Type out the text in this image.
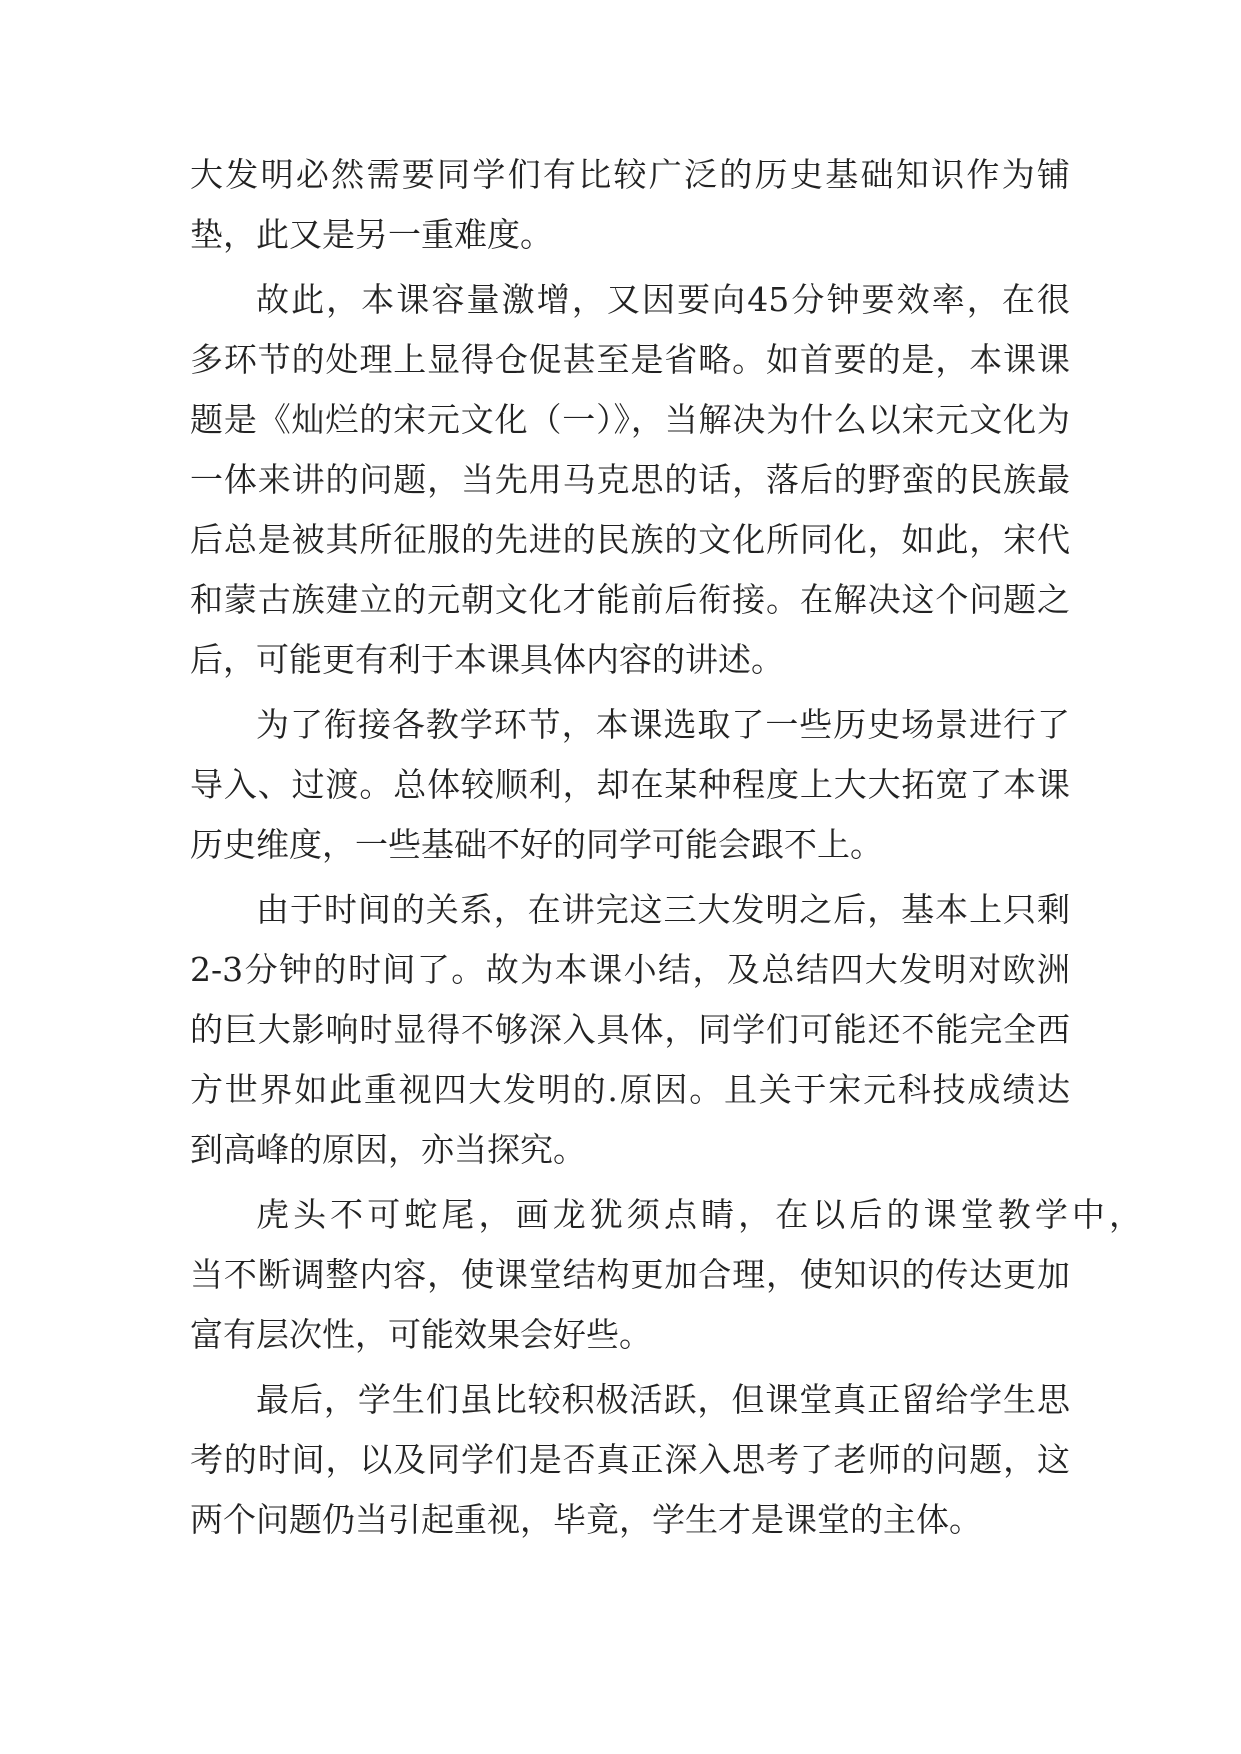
大发明必然需要同学们有比较广泛的历史基础知识作为铺
垫，此又是另一重难度。
故此，本课容量激增，又因要向45分钟要效率，在很
多环节的处理上显得仓促甚至是省略。如首要的是，本课课
题是《灿烂的宋元文化（一）》，当解决为什么以宋元文化为
一体来讲的问题，当先用马克思的话，落后的野蛮的民族最
后总是被其所征服的先进的民族的文化所同化，如此，宋代
和蒙古族建立的元朝文化才能前后衔接。在解决这个问题之
后，可能更有利于本课具体内容的讲述。
为了衔接各教学环节，本课选取了一些历史场景进行了
导入、过渡。总体较顺利，却在某种程度上大大拓宽了本课
历史维度，一些基础不好的同学可能会跟不上。
由于时间的关系，在讲完这三大发明之后，基本上只剩
2-3分钟的时间了。故为本课小结，及总结四大发明对欧洲
的巨大影响时显得不够深入具体，同学们可能还不能完全西
方世界如此重视四大发明的.原因。且关于宋元科技成绩达
到高峰的原因，亦当探究。
虎头不可蛇尾，画龙犹须点睛，在以后的课堂教学中，
当不断调整内容，使课堂结构更加合理，使知识的传达更加
富有层次性，可能效果会好些。
最后，学生们虽比较积极活跃，但课堂真正留给学生思
考的时间，以及同学们是否真正深入思考了老师的问题，这
两个问题仍当引起重视，毕竟，学生才是课堂的主体。
